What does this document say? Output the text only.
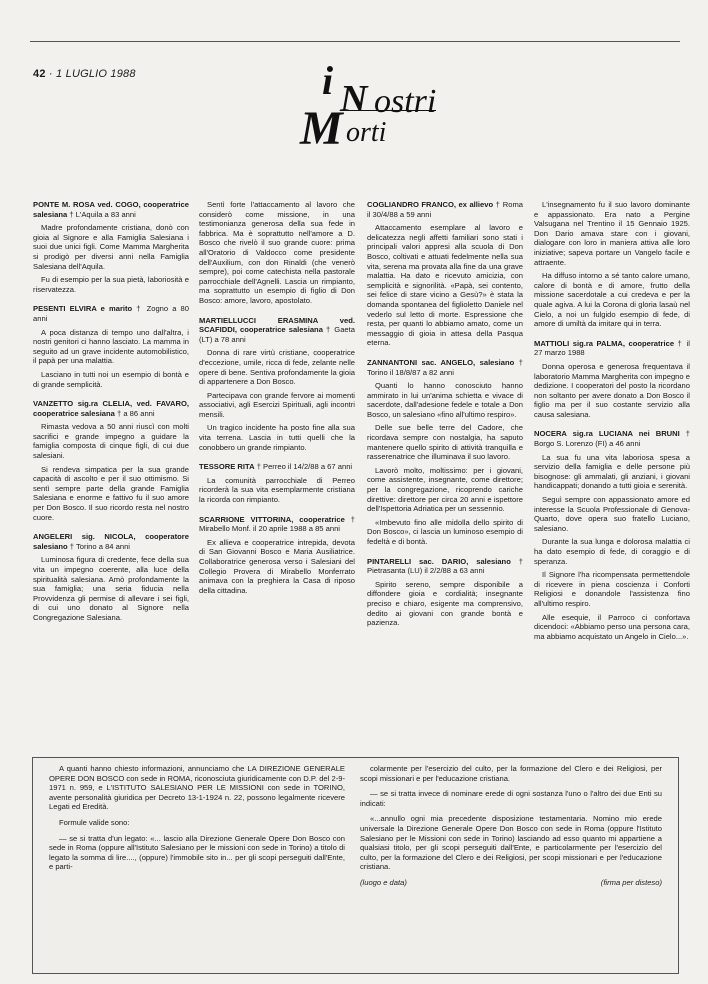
42 · 1 LUGLIO 1988	i N ostri
M orti
PONTE M. ROSA ved. COGO, cooperatrice salesiana † L'Aquila a 83 anni

Madre profondamente cristiana, donò con gioia al Signore e alla Famiglia Salesiana i suoi due unici figli. Come Mamma Margherita si prodigò per diversi anni nella Famiglia Salesiana dell'Aquila.

Fu di esempio per la sua pietà, laboriosità e riservatezza.

PESENTI ELVIRA e marito † Zogno a 80 anni

A poca distanza di tempo uno dall'altra, i nostri genitori ci hanno lasciato. La mamma in seguito ad un grave incidente automobilistico, il papà per una malattia.

Lasciano in tutti noi un esempio di bontà e di grande semplicità.

VANZETTO sig.ra CLELIA, ved. FAVARO, cooperatrice salesiana † a 86 anni

Rimasta vedova a 50 anni riuscì con molti sacrifici e grande impegno a guidare la famiglia composta di cinque figli, di cui due salesiani.

Si rendeva simpatica per la sua grande capacità di ascolto e per il suo ottimismo. Si sentì sempre parte della grande Famiglia Salesiana e enorme e fattivo fu il suo amore per Don Bosco. Il suo ricordo resta nel nostro cuore.

ANGELERI sig. NICOLA, cooperatore salesiano † Torino a 84 anni

Luminosa figura di credente, fece della sua vita un impegno coerente, alla luce della spiritualità salesiana. Amò profondamente la sua famiglia; una seria fiducia nella Provvidenza gli permise di allevare i sei figli, di cui uno donato al Signore nella Congregazione Salesiana.

Sentì forte l'attaccamento al lavoro che considerò come missione, in una testimonianza generosa della sua fede in fabbrica. Ma è soprattutto nell'amore a D. Bosco che rivelò il suo grande cuore: prima all'Oratorio di Valdocco come presidente dell'Auxilium, con don Rinaldi (che venerò sempre), poi come catechista nella pastorale parrocchiale dell'Agnelli. Lascia un rimpianto, ma soprattutto un esempio di figlio di Don Bosco: amore, lavoro, apostolato.

MARTIELLUCCI ERASMINA ved. SCAFIDDI, cooperatrice salesiana † Gaeta (LT) a 78 anni

Donna di rare virtù cristiane, cooperatrice d'eccezione, umile, ricca di fede, zelante nelle opere di bene. Sentiva profondamente la gioia di appartenere a Don Bosco.

Partecipava con grande fervore ai momenti associativi, agli Esercizi Spirituali, agli incontri mensili.

Un tragico incidente ha posto fine alla sua vita terrena. Lascia in tutti quelli che la conobbero un grande rimpianto.

TESSORE RITA † Perreo il 14/2/88 a 67 anni

La comunità parrocchiale di Perreo ricorderà la sua vita esemplarmente cristiana la ricorda con rimpianto.

SCARRIONE VITTORINA, cooperatrice † Mirabello Monf. il 20 aprile 1988 a 85 anni

Ex allieva e cooperatrice intrepida, devota di San Giovanni Bosco e Maria Ausiliatrice. Collaboratrice generosa verso i Salesiani del Collegio Provera di Mirabello Monferrato animava con la preghiera la Casa di riposo della cittadina.

COGLIANDRO FRANCO, ex allievo † Roma il 30/4/88 a 59 anni

Attaccamento esemplare al lavoro e delicatezza negli affetti familiari sono stati i principali valori appresi alla scuola di Don Bosco, coltivati e attuati fedelmente nella sua vita, serena ma provata alla fine da una grave malattia. Ha dato e ricevuto amicizia, con semplicità e signorilità. «Papà, sei contento, sei felice di stare vicino a Gesù?» è stata la domanda spontanea del figlioletto Daniele nel vederlo sul letto di morte. Espressione che resta, per quanti lo abbiamo amato, come un messaggio di gioia in attesa della Pasqua eterna.

ZANNANTONI sac. ANGELO, salesiano † Torino il 18/8/87 a 82 anni

Quanti lo hanno conosciuto hanno ammirato in lui un'anima schietta e vivace di sacerdote, dall'adesione fedele e totale a Don Bosco, un salesiano «fino all'ultimo respiro».

Delle sue belle terre del Cadore, che ricordava sempre con nostalgia, ha saputo mantenere quello spirito di attività tranquilla e rasserenatrice che illuminava il suo lavoro.

Lavorò molto, moltissimo: per i giovani, come assistente, insegnante, come direttore; per la congregazione, ricoprendo cariche direttive: direttore per circa 20 anni e ispettore dell'Ispettoria Adriatica per un sessennio.

«Imbevuto fino alle midolla dello spirito di Don Bosco», ci lascia un luminoso esempio di fedeltà e di bontà.

PINTARELLI sac. DARIO, salesiano † Pietrasanta (LU) il 2/2/88 a 63 anni

Spirito sereno, sempre disponibile a diffondere gioia e cordialità; insegnante preciso e chiaro, esigente ma comprensivo, dedito ai giovani con grande bontà e pazienza.

L'insegnamento fu il suo lavoro dominante e appassionato. Era nato a Pergine Valsugana nel Trentino il 15 Gennaio 1925. Don Dario amava stare con i giovani, dialogare con loro in maniera attiva alle loro iniziative; sapeva portare un Vangelo facile e attraente.

Ha diffuso intorno a sé tanto calore umano, calore di bontà e di amore, frutto della missione sacerdotale a cui credeva e per la quale agiva. A lui la Corona di gloria lasaù nel Cielo, a noi un fulgido esempio di fede, di amore di umiltà da imitare qui in terra.

MATTIOLI sig.ra PALMA, cooperatrice † il 27 marzo 1988

Donna operosa e generosa frequentava il laboratorio Mamma Margherita con impegno e dedizione. I cooperatori del posto la ricordano non soltanto per avere donato a Don Bosco il figlio ma per il suo costante servizio alla causa salesiana.

NOCERA sig.ra LUCIANA nei BRUNI † Borgo S. Lorenzo (FI) a 46 anni

La sua fu una vita laboriosa spesa a servizio della famiglia e delle persone più bisognose: gli ammalati, gli anziani, i giovani handicappati; donando a tutti gioia e serenità.

Seguì sempre con appassionato amore ed interesse la Scuola Professionale di Genova-Quarto, dove opera suo fratello Luciano, salesiano.

Durante la sua lunga e dolorosa malattia ci ha dato esempio di fede, di coraggio e di speranza.

Il Signore l'ha ricompensata permettendole di ricevere in piena coscienza i Conforti Religiosi e donandole l'assistenza fino all'ultimo respiro.

Alle esequie, il Parroco ci confortava dicendoci: «Abbiamo perso una persona cara, ma abbiamo acquistato un Angelo in Cielo...».

A quanti hanno chiesto informazioni, annunciamo che LA DIREZIONE GENERALE OPERE DON BOSCO con sede in ROMA, riconosciuta giuridicamente con D.P. del 2-9-1971 n. 959, e L'ISTITUTO SALESIANO PER LE MISSIONI con sede in TORINO, avente personalità giuridica per Decreto 13-1-1924 n. 22, possono legalmente ricevere Legati ed Eredità.

Formule valide sono:

— se si tratta d'un legato: «... lascio alla Direzione Generale Opere Don Bosco con sede in Roma (oppure all'Istituto Salesiano per le missioni con sede in Torino) a titolo di legato la somma di lire...., (oppure) l'immobile sito in... per gli scopi perseguiti dall'Ente, e parti-

colarmente per l'esercizio del culto, per la formazione del Clero e dei Religiosi, per scopi missionari e per l'educazione cristiana.

— se si tratta invece di nominare erede di ogni sostanza l'uno o l'altro dei due Enti su indicati:

«...annullo ogni mia precedente disposizione testamentaria. Nomino mio erede universale la Direzione Generale Opere Don Bosco con sede in Roma (oppure l'Istituto Salesiano per le Missioni con sede in Torino) lasciando ad esso quanto mi appartiene a qualsiasi titolo, per gli scopi perseguiti dall'Ente, e particolarmente per l'esercizio del culto, per la formazione del Clero e dei Religiosi, per scopi missionari e per l'educazione cristiana.

(luogo e data)	(firma per disteso)
